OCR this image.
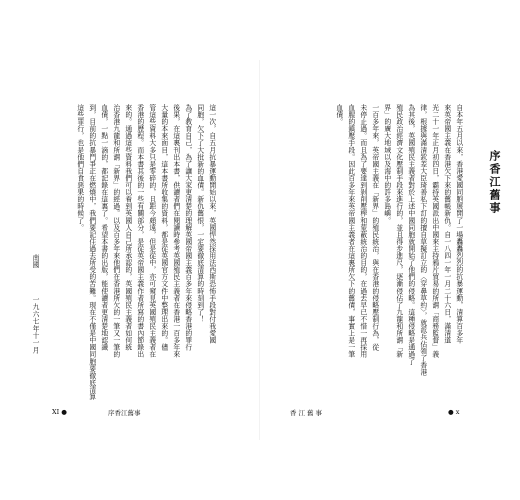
這一次，自五月抗暴運動開始以來，英國悍然採用法西斯恐怖手段對付我愛國
同胞，欠下了大批新的血債。新仇舊恨，一定要徹底清算的時刻到了！
為了教育自己，為了讓大家更清楚的理解英國帝國主義百多年來侵略香港的罪行
後果，在這裏刊出本書，供讀者們在閱讀時參考英國殖民主義者在香港一百多年來
大量的本來面目，這本書所收集的資料，都是從英國官方文件中整理出來的。儘
管這些資料大多只是零碎的，且距今頗遠，但是從中，亦可窺見英國殖民主義者在
香港的歷程。而本書其後的一些有關部分，是從英帝國主義作者所寫的書內節錄出
來的。通過這些資料我們可以看到英國人自己所承認的，英國殖民主義者如何統
治香港九龍和所謂「新界」的經過。以及百多年來他們在香港所欠的一筆又一筆的
血債，一點一滴的，都記錄在這裏了。希望本書的出版，能使讀者更清楚地認識
到，目前的抗暴鬥爭正在燃燒中，我們要記住過去所受的苦難。現在不僅是中國同胞要徹底清算
這些罪行，也是他們自食惡果的時候了。
南國
一九六七年十一月
XI ●	序香江舊事
自本年五月以來，香港愛國同胞展開了一場轟轟烈烈的抗暴運動，清算百多年
來英帝國主義在香港欠下來的舊帳新仇。自一八四一年一月二十六日，滿清道
光二十一年正月初四日，霸持英國派出中國來主持鴉片貿易的所謂「商務監督」義
律，根據與滿清欽差大臣琦善私下訂的擅自草擬訂立的〈穿鼻草約〉，就派兵佔領了香港
為其後，英國殖民主義者對於上述中國同胞就開始了他們的侵略。這種侵略是通過了
殖民政治經濟文化壓制手段來進行的，並且得步進尺，逐漸侵佔了九龍和所謂「新
界」的廣大地域以及海中的許多島嶼。
一百多年來，英帝國主義在「新界」的殖民統治，與在香港的侵略壓制行為，從
未停止過。而且為了要達到剝削壓榨和蒙蔽統治的目的，在過去早已不惜一再採用
血腥的鎮壓手段。因此百多年來英帝國主義者在這裏所欠下的舊債，事實上是一筆
血債。
序香江舊事
香江舊事	● x
